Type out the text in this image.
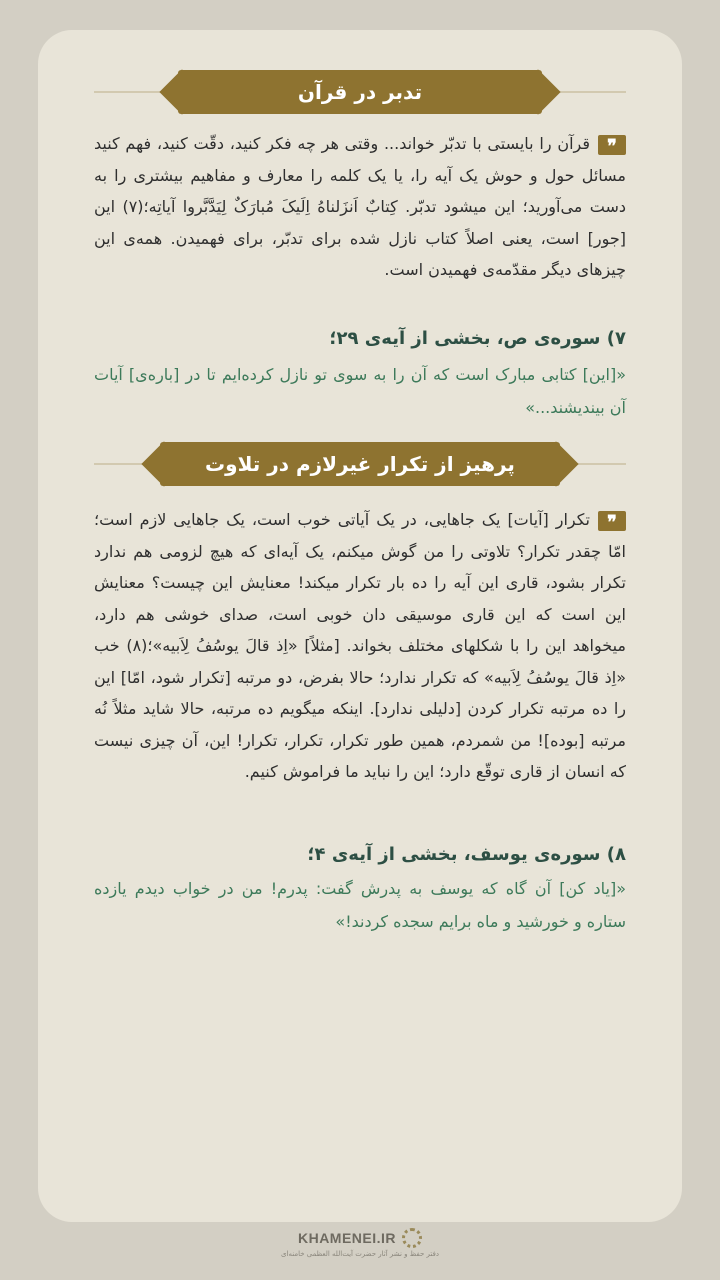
تدبر در قرآن
❞قرآن را بایستی با تدبّر خواند... وقتی هر چه فکر کنید، دقّت کنید، فهم کنید مسائل حول و حوش یک آیه را، یا یک کلمه را معارف و مفاهیم بیشتری را به دست می‌آورید؛ این میشود تدبّر. کِتابٌ اَنزَلناهُ اِلَیکَ مُبارَکٌ لِیَدَّبَّروا آیاتِه؛(۷) این [جور] است، یعنی اصلاً کتاب نازل شده برای تدبّر، برای فهمیدن. همه‌ی این چیزهای دیگر مقدّمه‌ی فهمیدن است.
۷) سوره‌ی ص، بخشی از آیه‌ی ۲۹؛
«[این] کتابی مبارک است که آن را به سوی تو نازل کرده‌ایم تا در [باره‌ی] آیات آن بیندیشند...»
پرهیز از تکرار غیرلازم در تلاوت
❞تکرار [آیات] یک جاهایی، در یک آیاتی خوب است، یک جاهایی لازم است؛ امّا چقدر تکرار؟ تلاوتی را من گوش میکنم، یک آیه‌ای که هیچ لزومی هم ندارد تکرار بشود، قاری این آیه را ده بار تکرار میکند! معنایش این چیست؟ معنایش این است که این قاری موسیقی دان خوبی است، صدای خوشی هم دارد، میخواهد این را با شکلهای مختلف بخواند. [مثلاً] «اِذ قالَ یوسُفُ لِاَبیه»؛(۸) خب «اِذ قالَ یوسُفُ لِاَبیه» که تکرار ندارد؛ حالا بفرض، دو مرتبه [تکرار شود، امّا] این را ده مرتبه تکرار کردن [دلیلی ندارد]. اینکه میگویم ده مرتبه، حالا شاید مثلاً نُه مرتبه [بوده]! من شمردم، همین طور تکرار، تکرار، تکرار! این، آن چیزی نیست که انسان از قاری توقّع دارد؛ این را نباید ما فراموش کنیم.
۸) سوره‌ی یوسف، بخشی از آیه‌ی ۴؛
«[یاد کن] آن گاه که یوسف به پدرش گفت: پدرم! من در خواب دیدم یازده ستاره و خورشید و ماه برایم سجده کردند!»
KHAMENEI.IR
دفتر حفظ و نشر آثار حضرت آیت‌الله العظمی خامنه‌ای
